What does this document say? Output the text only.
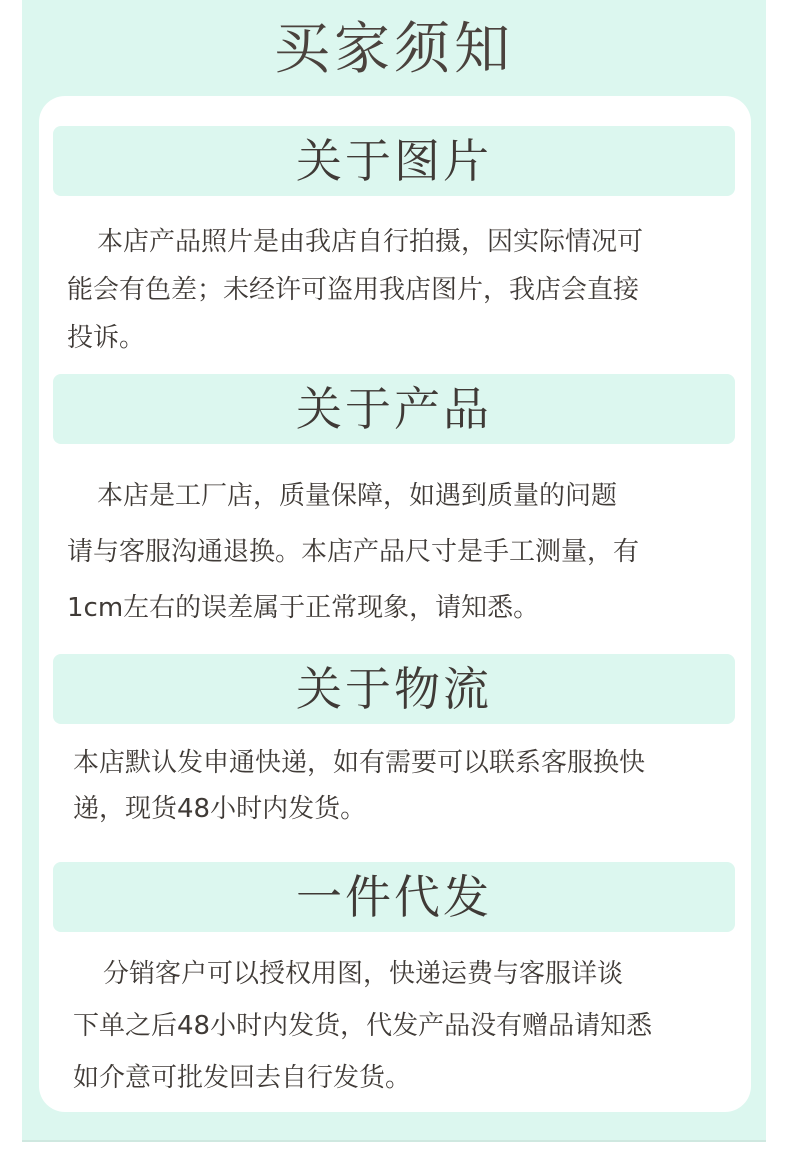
买家须知
关于图片
本店产品照片是由我店自行拍摄，因实际情况可
能会有色差；未经许可盗用我店图片，我店会直接
投诉。
关于产品
本店是工厂店，质量保障，如遇到质量的问题
请与客服沟通退换。本店产品尺寸是手工测量，有
1cm左右的误差属于正常现象，请知悉。
关于物流
本店默认发申通快递，如有需要可以联系客服换快
递，现货48小时内发货。
一件代发
分销客户可以授权用图，快递运费与客服详谈
下单之后48小时内发货，代发产品没有赠品请知悉
如介意可批发回去自行发货。
